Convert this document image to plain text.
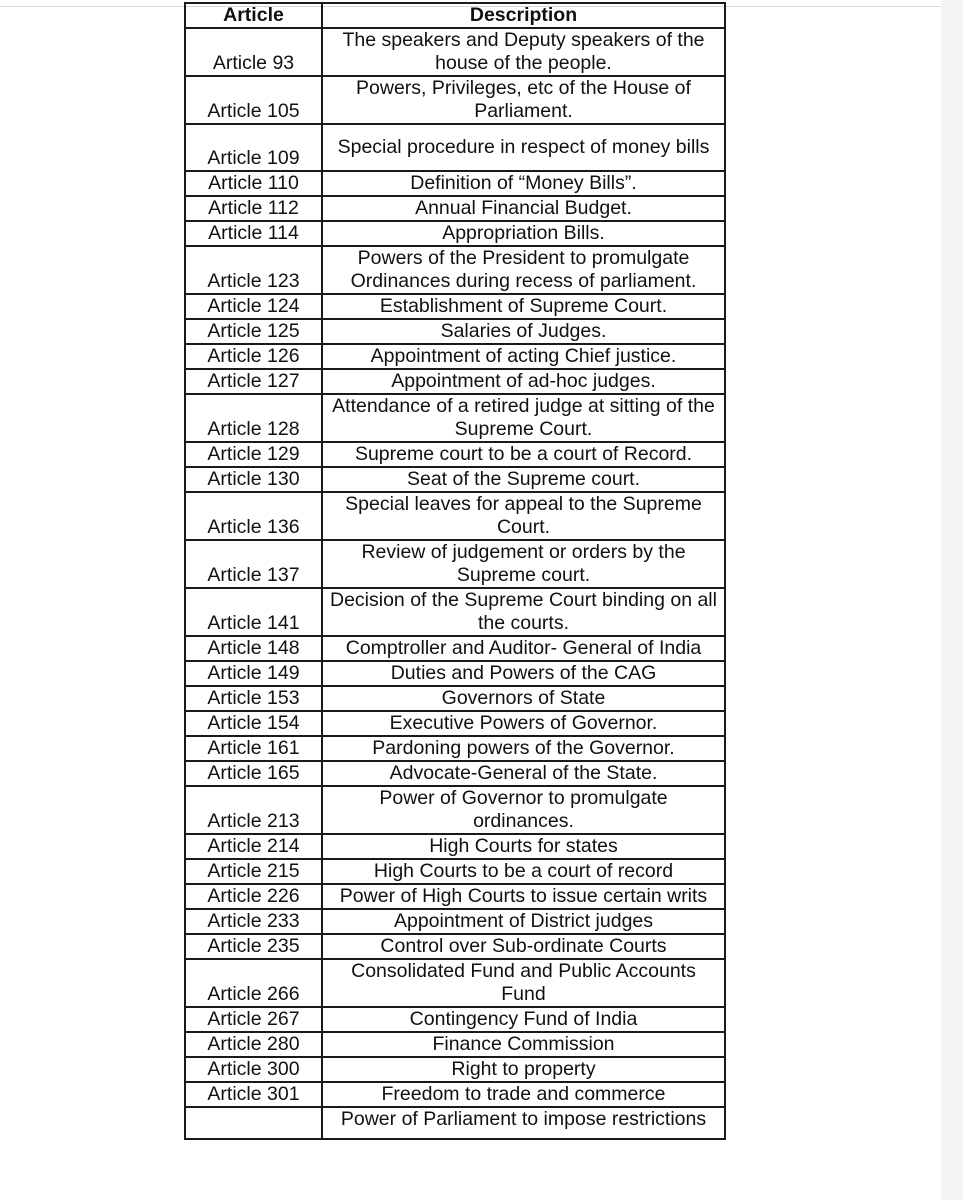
Article	Description
Article 93	The speakers and Deputy speakers of the house of the people.
Article 105	Powers, Privileges, etc of the House of Parliament.
Article 109	Special procedure in respect of money bills
Article 110	Definition of “Money Bills”.
Article 112	Annual Financial Budget.
Article 114	Appropriation Bills.
Article 123	Powers of the President to promulgate Ordinances during recess of parliament.
Article 124	Establishment of Supreme Court.
Article 125	Salaries of Judges.
Article 126	Appointment of acting Chief justice.
Article 127	Appointment of ad-hoc judges.
Article 128	Attendance of a retired judge at sitting of the Supreme Court.
Article 129	Supreme court to be a court of Record.
Article 130	Seat of the Supreme court.
Article 136	Special leaves for appeal to the Supreme Court.
Article 137	Review of judgement or orders by the Supreme court.
Article 141	Decision of the Supreme Court binding on all the courts.
Article 148	Comptroller and Auditor- General of India
Article 149	Duties and Powers of the CAG
Article 153	Governors of State
Article 154	Executive Powers of Governor.
Article 161	Pardoning powers of the Governor.
Article 165	Advocate-General of the State.
Article 213	Power of Governor to promulgate ordinances.
Article 214	High Courts for states
Article 215	High Courts to be a court of record
Article 226	Power of High Courts to issue certain writs
Article 233	Appointment of District judges
Article 235	Control over Sub-ordinate Courts
Article 266	Consolidated Fund and Public Accounts Fund
Article 267	Contingency Fund of India
Article 280	Finance Commission
Article 300	Right to property
Article 301	Freedom to trade and commerce
	Power of Parliament to impose restrictions
